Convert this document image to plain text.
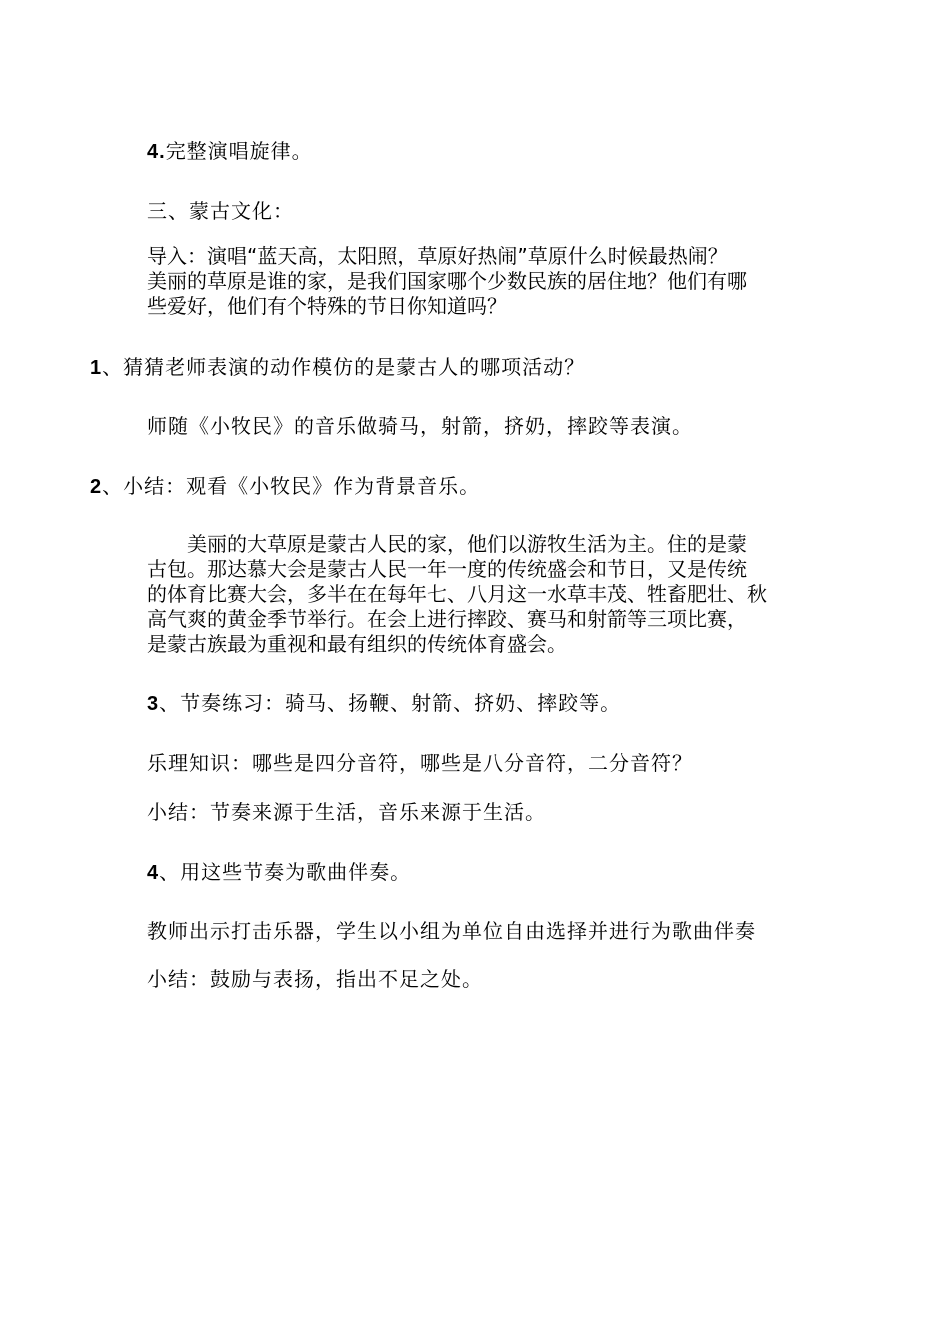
4.完整演唱旋律。
三、蒙古文化：
导入：演唱“蓝天高，太阳照，草原好热闹”草原什么时候最热闹？
美丽的草原是谁的家，是我们国家哪个少数民族的居住地？他们有哪
些爱好，他们有个特殊的节日你知道吗？
1、猜猜老师表演的动作模仿的是蒙古人的哪项活动？
师随《小牧民》的音乐做骑马，射箭，挤奶，摔跤等表演。
2、小结：观看《小牧民》作为背景音乐。
　　美丽的大草原是蒙古人民的家，他们以游牧生活为主。住的是蒙
古包。那达慕大会是蒙古人民一年一度的传统盛会和节日，又是传统
的体育比赛大会，多半在在每年七、八月这一水草丰茂、牲畜肥壮、秋
高气爽的黄金季节举行。在会上进行摔跤、赛马和射箭等三项比赛，
是蒙古族最为重视和最有组织的传统体育盛会。
3、节奏练习：骑马、扬鞭、射箭、挤奶、摔跤等。
乐理知识：哪些是四分音符，哪些是八分音符，二分音符？
小结：节奏来源于生活，音乐来源于生活。
4、用这些节奏为歌曲伴奏。
教师出示打击乐器，学生以小组为单位自由选择并进行为歌曲伴奏
小结：鼓励与表扬，指出不足之处。
